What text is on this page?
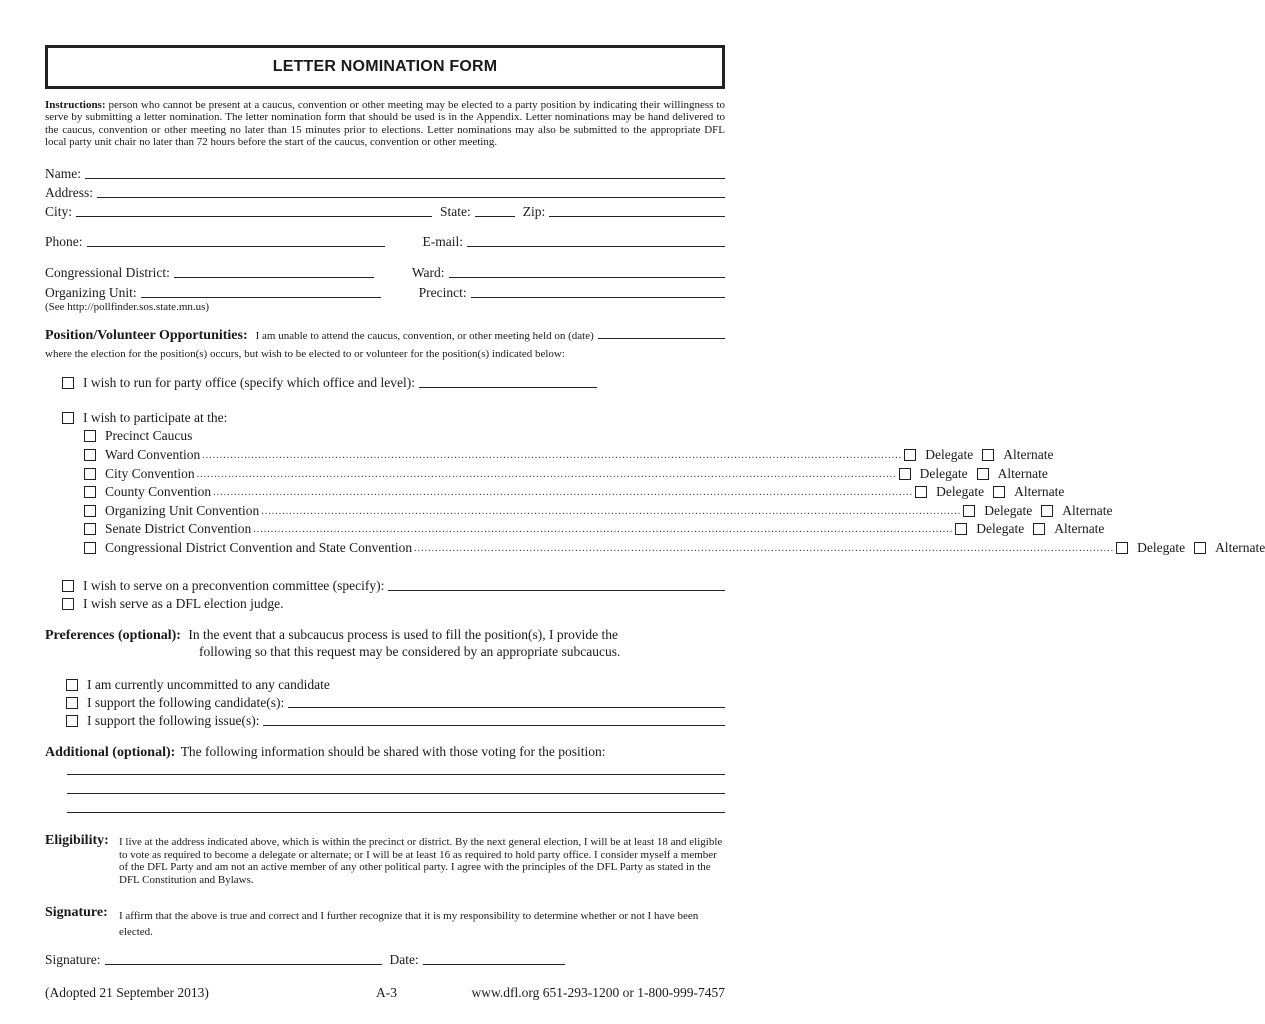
LETTER NOMINATION FORM
Instructions: person who cannot be present at a caucus, convention or other meeting may be elected to a party position by indicating their willingness to serve by submitting a letter nomination. The letter nomination form that should be used is in the Appendix. Letter nominations may be hand delivered to the caucus, convention or other meeting no later than 15 minutes prior to elections. Letter nominations may also be submitted to the appropriate DFL local party unit chair no later than 72 hours before the start of the caucus, convention or other meeting.
Name:
Address:
City:	State:	Zip:
Phone:	E-mail:
Congressional District:	Ward:
Organizing Unit:	Precinct:
(See http://pollfinder.sos.state.mn.us)
Position/Volunteer Opportunities: I am unable to attend the caucus, convention, or other meeting held on (date)
where the election for the position(s) occurs, but wish to be elected to or volunteer for the position(s) indicated below:
I wish to run for party office (specify which office and level):
I wish to participate at the:
Precinct Caucus
Ward Convention ........................................................................................................................................................................................................ Delegate Alternate
City Convention ........................................................................................................................................................................................................ Delegate Alternate
County Convention ........................................................................................................................................................................................................ Delegate Alternate
Organizing Unit Convention ........................................................................................................................................................................................................ Delegate Alternate
Senate District Convention ........................................................................................................................................................................................................ Delegate Alternate
Congressional District Convention and State Convention ........................................................................................................................................................................................................ Delegate Alternate
I wish to serve on a preconvention committee (specify):
I wish serve as a DFL election judge.
Preferences (optional): In the event that a subcaucus process is used to fill the position(s), I provide the
following so that this request may be considered by an appropriate subcaucus.
I am currently uncommitted to any candidate
I support the following candidate(s):
I support the following issue(s):
Additional (optional): The following information should be shared with those voting for the position:
Eligibility: I live at the address indicated above, which is within the precinct or district. By the next general election, I will be at least 18 and eligible to vote as required to become a delegate or alternate; or I will be at least 16 as required to hold party office. I consider myself a member of the DFL Party and am not an active member of any other political party. I agree with the principles of the DFL Party as stated in the DFL Constitution and Bylaws.
Signature: I affirm that the above is true and correct and I further recognize that it is my responsibility to determine whether or not I have been elected.
Signature:	Date:
(Adopted 21 September 2013)	A-3	www.dfl.org 651-293-1200 or 1-800-999-7457
